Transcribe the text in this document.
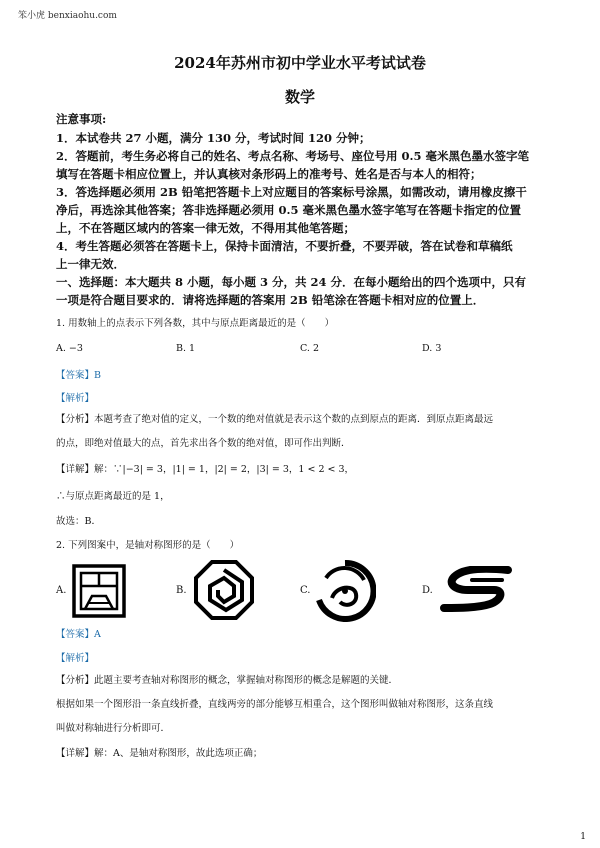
笨小虎 benxiaohu.com
2024年苏州市初中学业水平考试试卷
数学
注意事项:
1．本试卷共 27 小题，满分 130 分，考试时间 120 分钟；
2．答题前，考生务必将自己的姓名、考点名称、考场号、座位号用 0.5 毫米黑色墨水签字笔
填写在答题卡相应位置上，并认真核对条形码上的准考号、姓名是否与本人的相符；
3．答选择题必须用 2B 铅笔把答题卡上对应题目的答案标号涂黑，如需改动，请用橡皮擦干
净后，再选涂其他答案；答非选择题必须用 0.5 毫米黑色墨水签字笔写在答题卡指定的位置
上，不在答题区域内的答案一律无效，不得用其他笔答题；
4．考生答题必须答在答题卡上，保持卡面清洁，不要折叠，不要弄破，答在试卷和草稿纸
上一律无效．
一、选择题：本大题共 8 小题，每小题 3 分，共 24 分．在每小题给出的四个选项中，只有
一项是符合题目要求的．请将选择题的答案用 2B 铅笔涂在答题卡相对应的位置上．
1. 用数轴上的点表示下列各数，其中与原点距离最近的是（　　）
A. −3	B. 1	C. 2	D. 3
【答案】B
【解析】
【分析】本题考查了绝对值的定义，一个数的绝对值就是表示这个数的点到原点的距离．到原点距离最远
的点，即绝对值最大的点，首先求出各个数的绝对值，即可作出判断．
【详解】解：∵|−3| = 3，|1| = 1，|2| = 2，|3| = 3，1 < 2 < 3，
∴与原点距离最近的是 1，
故选：B．
2. 下列图案中，是轴对称图形的是（　　）
A.	B.	C.	D.
【答案】A
【解析】
【分析】此题主要考查轴对称图形的概念，掌握轴对称图形的概念是解题的关键．
根据如果一个图形沿一条直线折叠，直线两旁的部分能够互相重合，这个图形叫做轴对称图形，这条直线
叫做对称轴进行分析即可．
【详解】解：A、是轴对称图形，故此选项正确；
1
